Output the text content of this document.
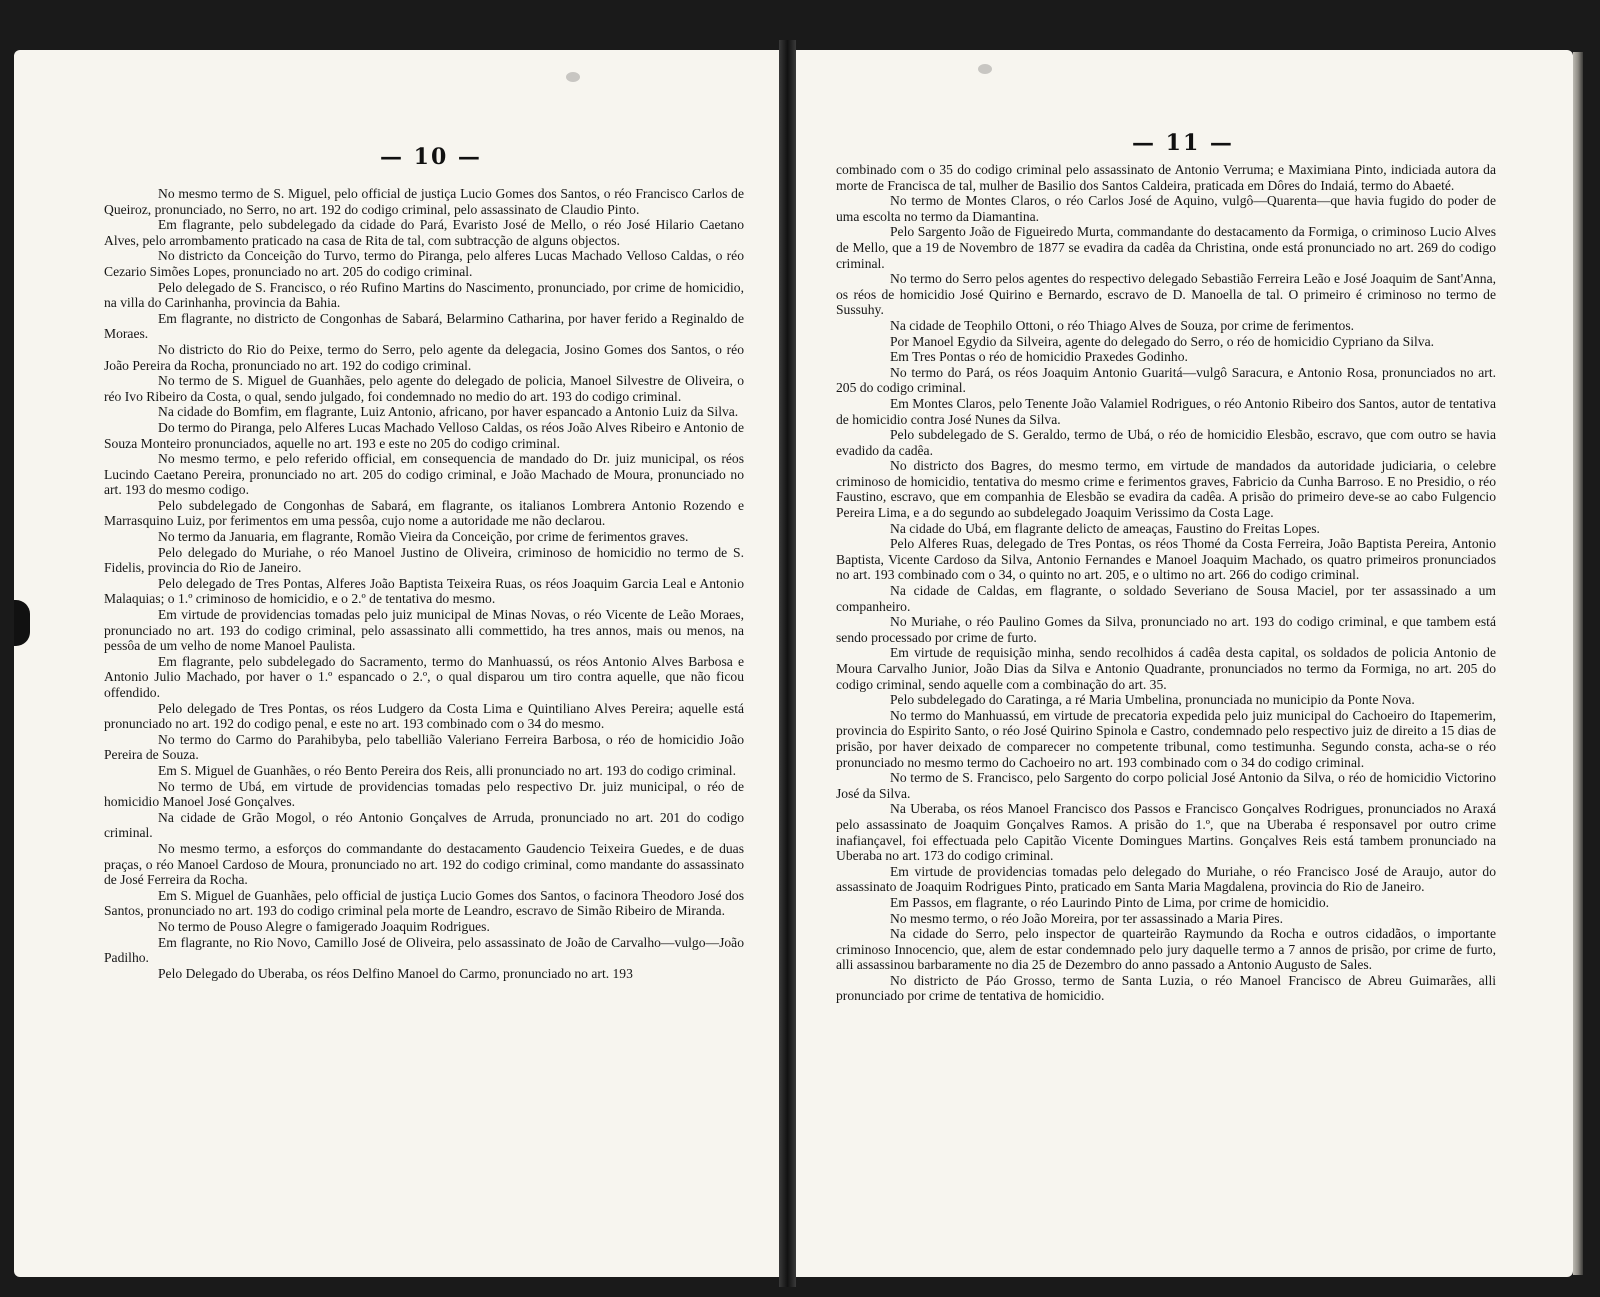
— 10 —

No mesmo termo de S. Miguel, pelo official de justiça Lucio Gomes dos Santos, o réo Francisco Carlos de Queiroz, pronunciado, no Serro, no art. 192 do codigo criminal, pelo assassinato de Claudio Pinto.

Em flagrante, pelo subdelegado da cidade do Pará, Evaristo José de Mello, o réo José Hilario Caetano Alves, pelo arrombamento praticado na casa de Rita de tal, com subtracção de alguns objectos.

No districto da Conceição do Turvo, termo do Piranga, pelo alferes Lucas Machado Velloso Caldas, o réo Cezario Simões Lopes, pronunciado no art. 205 do codigo criminal.

Pelo delegado de S. Francisco, o réo Rufino Martins do Nascimento, pronunciado, por crime de homicidio, na villa do Carinhanha, provincia da Bahia.

Em flagrante, no districto de Congonhas de Sabará, Belarmino Catharina, por haver ferido a Reginaldo de Moraes.

No districto do Rio do Peixe, termo do Serro, pelo agente da delegacia, Josino Gomes dos Santos, o réo João Pereira da Rocha, pronunciado no art. 192 do codigo criminal.

No termo de S. Miguel de Guanhães, pelo agente do delegado de policia, Manoel Silvestre de Oliveira, o réo Ivo Ribeiro da Costa, o qual, sendo julgado, foi condemnado no medio do art. 193 do codigo criminal.

Na cidade do Bomfim, em flagrante, Luiz Antonio, africano, por haver espancado a Antonio Luiz da Silva.

Do termo do Piranga, pelo Alferes Lucas Machado Velloso Caldas, os réos João Alves Ribeiro e Antonio de Souza Monteiro pronunciados, aquelle no art. 193 e este no 205 do codigo criminal.

No mesmo termo, e pelo referido official, em consequencia de mandado do Dr. juiz municipal, os réos Lucindo Caetano Pereira, pronunciado no art. 205 do codigo criminal, e João Machado de Moura, pronunciado no art. 193 do mesmo codigo.

Pelo subdelegado de Congonhas de Sabará, em flagrante, os italianos Lombrera Antonio Rozendo e Marrasquino Luiz, por ferimentos em uma pessôa, cujo nome a autoridade me não declarou.

No termo da Januaria, em flagrante, Romão Vieira da Conceição, por crime de ferimentos graves.

Pelo delegado do Muriahe, o réo Manoel Justino de Oliveira, criminoso de homicidio no termo de S. Fidelis, provincia do Rio de Janeiro.

Pelo delegado de Tres Pontas, Alferes João Baptista Teixeira Ruas, os réos Joaquim Garcia Leal e Antonio Malaquias; o 1.º criminoso de homicidio, e o 2.º de tentativa do mesmo.

Em virtude de providencias tomadas pelo juiz municipal de Minas Novas, o réo Vicente de Leão Moraes, pronunciado no art. 193 do codigo criminal, pelo assassinato alli commettido, ha tres annos, mais ou menos, na pessôa de um velho de nome Manoel Paulista.

Em flagrante, pelo subdelegado do Sacramento, termo do Manhuassú, os réos Antonio Alves Barbosa e Antonio Julio Machado, por haver o 1.º espancado o 2.º, o qual disparou um tiro contra aquelle, que não ficou offendido.

Pelo delegado de Tres Pontas, os réos Ludgero da Costa Lima e Quintiliano Alves Pereira; aquelle está pronunciado no art. 192 do codigo penal, e este no art. 193 combinado com o 34 do mesmo.

No termo do Carmo do Parahibyba, pelo tabellião Valeriano Ferreira Barbosa, o réo de homicidio João Pereira de Souza.

Em S. Miguel de Guanhães, o réo Bento Pereira dos Reis, alli pronunciado no art. 193 do codigo criminal.

No termo de Ubá, em virtude de providencias tomadas pelo respectivo Dr. juiz municipal, o réo de homicidio Manoel José Gonçalves.

Na cidade de Grão Mogol, o réo Antonio Gonçalves de Arruda, pronunciado no art. 201 do codigo criminal.

No mesmo termo, a esforços do commandante do destacamento Gaudencio Teixeira Guedes, e de duas praças, o réo Manoel Cardoso de Moura, pronunciado no art. 192 do codigo criminal, como mandante do assassinato de José Ferreira da Rocha.

Em S. Miguel de Guanhães, pelo official de justiça Lucio Gomes dos Santos, o facinora Theodoro José dos Santos, pronunciado no art. 193 do codigo criminal pela morte de Leandro, escravo de Simão Ribeiro de Miranda.

No termo de Pouso Alegre o famigerado Joaquim Rodrigues.

Em flagrante, no Rio Novo, Camillo José de Oliveira, pelo assassinato de João de Carvalho—vulgo—João Padilho.

Pelo Delegado do Uberaba, os réos Delfino Manoel do Carmo, pronunciado no art. 193

— 11 —

combinado com o 35 do codigo criminal pelo assassinato de Antonio Verruma; e Maximiana Pinto, indiciada autora da morte de Francisca de tal, mulher de Basilio dos Santos Caldeira, praticada em Dôres do Indaiá, termo do Abaeté.

No termo de Montes Claros, o réo Carlos José de Aquino, vulgô—Quarenta—que havia fugido do poder de uma escolta no termo da Diamantina.

Pelo Sargento João de Figueiredo Murta, commandante do destacamento da Formiga, o criminoso Lucio Alves de Mello, que a 19 de Novembro de 1877 se evadira da cadêa da Christina, onde está pronunciado no art. 269 do codigo criminal.

No termo do Serro pelos agentes do respectivo delegado Sebastião Ferreira Leão e José Joaquim de Sant'Anna, os réos de homicidio José Quirino e Bernardo, escravo de D. Manoella de tal. O primeiro é criminoso no termo de Sussuhy.

Na cidade de Teophilo Ottoni, o réo Thiago Alves de Souza, por crime de ferimentos.

Por Manoel Egydio da Silveira, agente do delegado do Serro, o réo de homicidio Cypriano da Silva.

Em Tres Pontas o réo de homicidio Praxedes Godinho.

No termo do Pará, os réos Joaquim Antonio Guaritá—vulgô Saracura, e Antonio Rosa, pronunciados no art. 205 do codigo criminal.

Em Montes Claros, pelo Tenente João Valamiel Rodrigues, o réo Antonio Ribeiro dos Santos, autor de tentativa de homicidio contra José Nunes da Silva.

Pelo subdelegado de S. Geraldo, termo de Ubá, o réo de homicidio Elesbão, escravo, que com outro se havia evadido da cadêa.

No districto dos Bagres, do mesmo termo, em virtude de mandados da autoridade judiciaria, o celebre criminoso de homicidio, tentativa do mesmo crime e ferimentos graves, Fabricio da Cunha Barroso. E no Presidio, o réo Faustino, escravo, que em companhia de Elesbão se evadira da cadêa. A prisão do primeiro deve-se ao cabo Fulgencio Pereira Lima, e a do segundo ao subdelegado Joaquim Verissimo da Costa Lage.

Na cidade do Ubá, em flagrante delicto de ameaças, Faustino do Freitas Lopes.

Pelo Alferes Ruas, delegado de Tres Pontas, os réos Thomé da Costa Ferreira, João Baptista Pereira, Antonio Baptista, Vicente Cardoso da Silva, Antonio Fernandes e Manoel Joaquim Machado, os quatro primeiros pronunciados no art. 193 combinado com o 34, o quinto no art. 205, e o ultimo no art. 266 do codigo criminal.

Na cidade de Caldas, em flagrante, o soldado Severiano de Sousa Maciel, por ter assassinado a um companheiro.

No Muriahe, o réo Paulino Gomes da Silva, pronunciado no art. 193 do codigo criminal, e que tambem está sendo processado por crime de furto.

Em virtude de requisição minha, sendo recolhidos á cadêa desta capital, os soldados de policia Antonio de Moura Carvalho Junior, João Dias da Silva e Antonio Quadrante, pronunciados no termo da Formiga, no art. 205 do codigo criminal, sendo aquelle com a combinação do art. 35.

Pelo subdelegado do Caratinga, a ré Maria Umbelina, pronunciada no municipio da Ponte Nova.

No termo do Manhuassú, em virtude de precatoria expedida pelo juiz municipal do Cachoeiro do Itapemerim, provincia do Espirito Santo, o réo José Quirino Spinola e Castro, condemnado pelo respectivo juiz de direito a 15 dias de prisão, por haver deixado de comparecer no competente tribunal, como testimunha. Segundo consta, acha-se o réo pronunciado no mesmo termo do Cachoeiro no art. 193 combinado com o 34 do codigo criminal.

No termo de S. Francisco, pelo Sargento do corpo policial José Antonio da Silva, o réo de homicidio Victorino José da Silva.

Na Uberaba, os réos Manoel Francisco dos Passos e Francisco Gonçalves Rodrigues, pronunciados no Araxá pelo assassinato de Joaquim Gonçalves Ramos. A prisão do 1.º, que na Uberaba é responsavel por outro crime inafiançavel, foi effectuada pelo Capitão Vicente Domingues Martins. Gonçalves Reis está tambem pronunciado na Uberaba no art. 173 do codigo criminal.

Em virtude de providencias tomadas pelo delegado do Muriahe, o réo Francisco José de Araujo, autor do assassinato de Joaquim Rodrigues Pinto, praticado em Santa Maria Magdalena, provincia do Rio de Janeiro.

Em Passos, em flagrante, o réo Laurindo Pinto de Lima, por crime de homicidio.

No mesmo termo, o réo João Moreira, por ter assassinado a Maria Pires.

Na cidade do Serro, pelo inspector de quarteirão Raymundo da Rocha e outros cidadãos, o importante criminoso Innocencio, que, alem de estar condemnado pelo jury daquelle termo a 7 annos de prisão, por crime de furto, alli assassinou barbaramente no dia 25 de Dezembro do anno passado a Antonio Augusto de Sales.

No districto de Páo Grosso, termo de Santa Luzia, o réo Manoel Francisco de Abreu Guimarães, alli pronunciado por crime de tentativa de homicidio.
